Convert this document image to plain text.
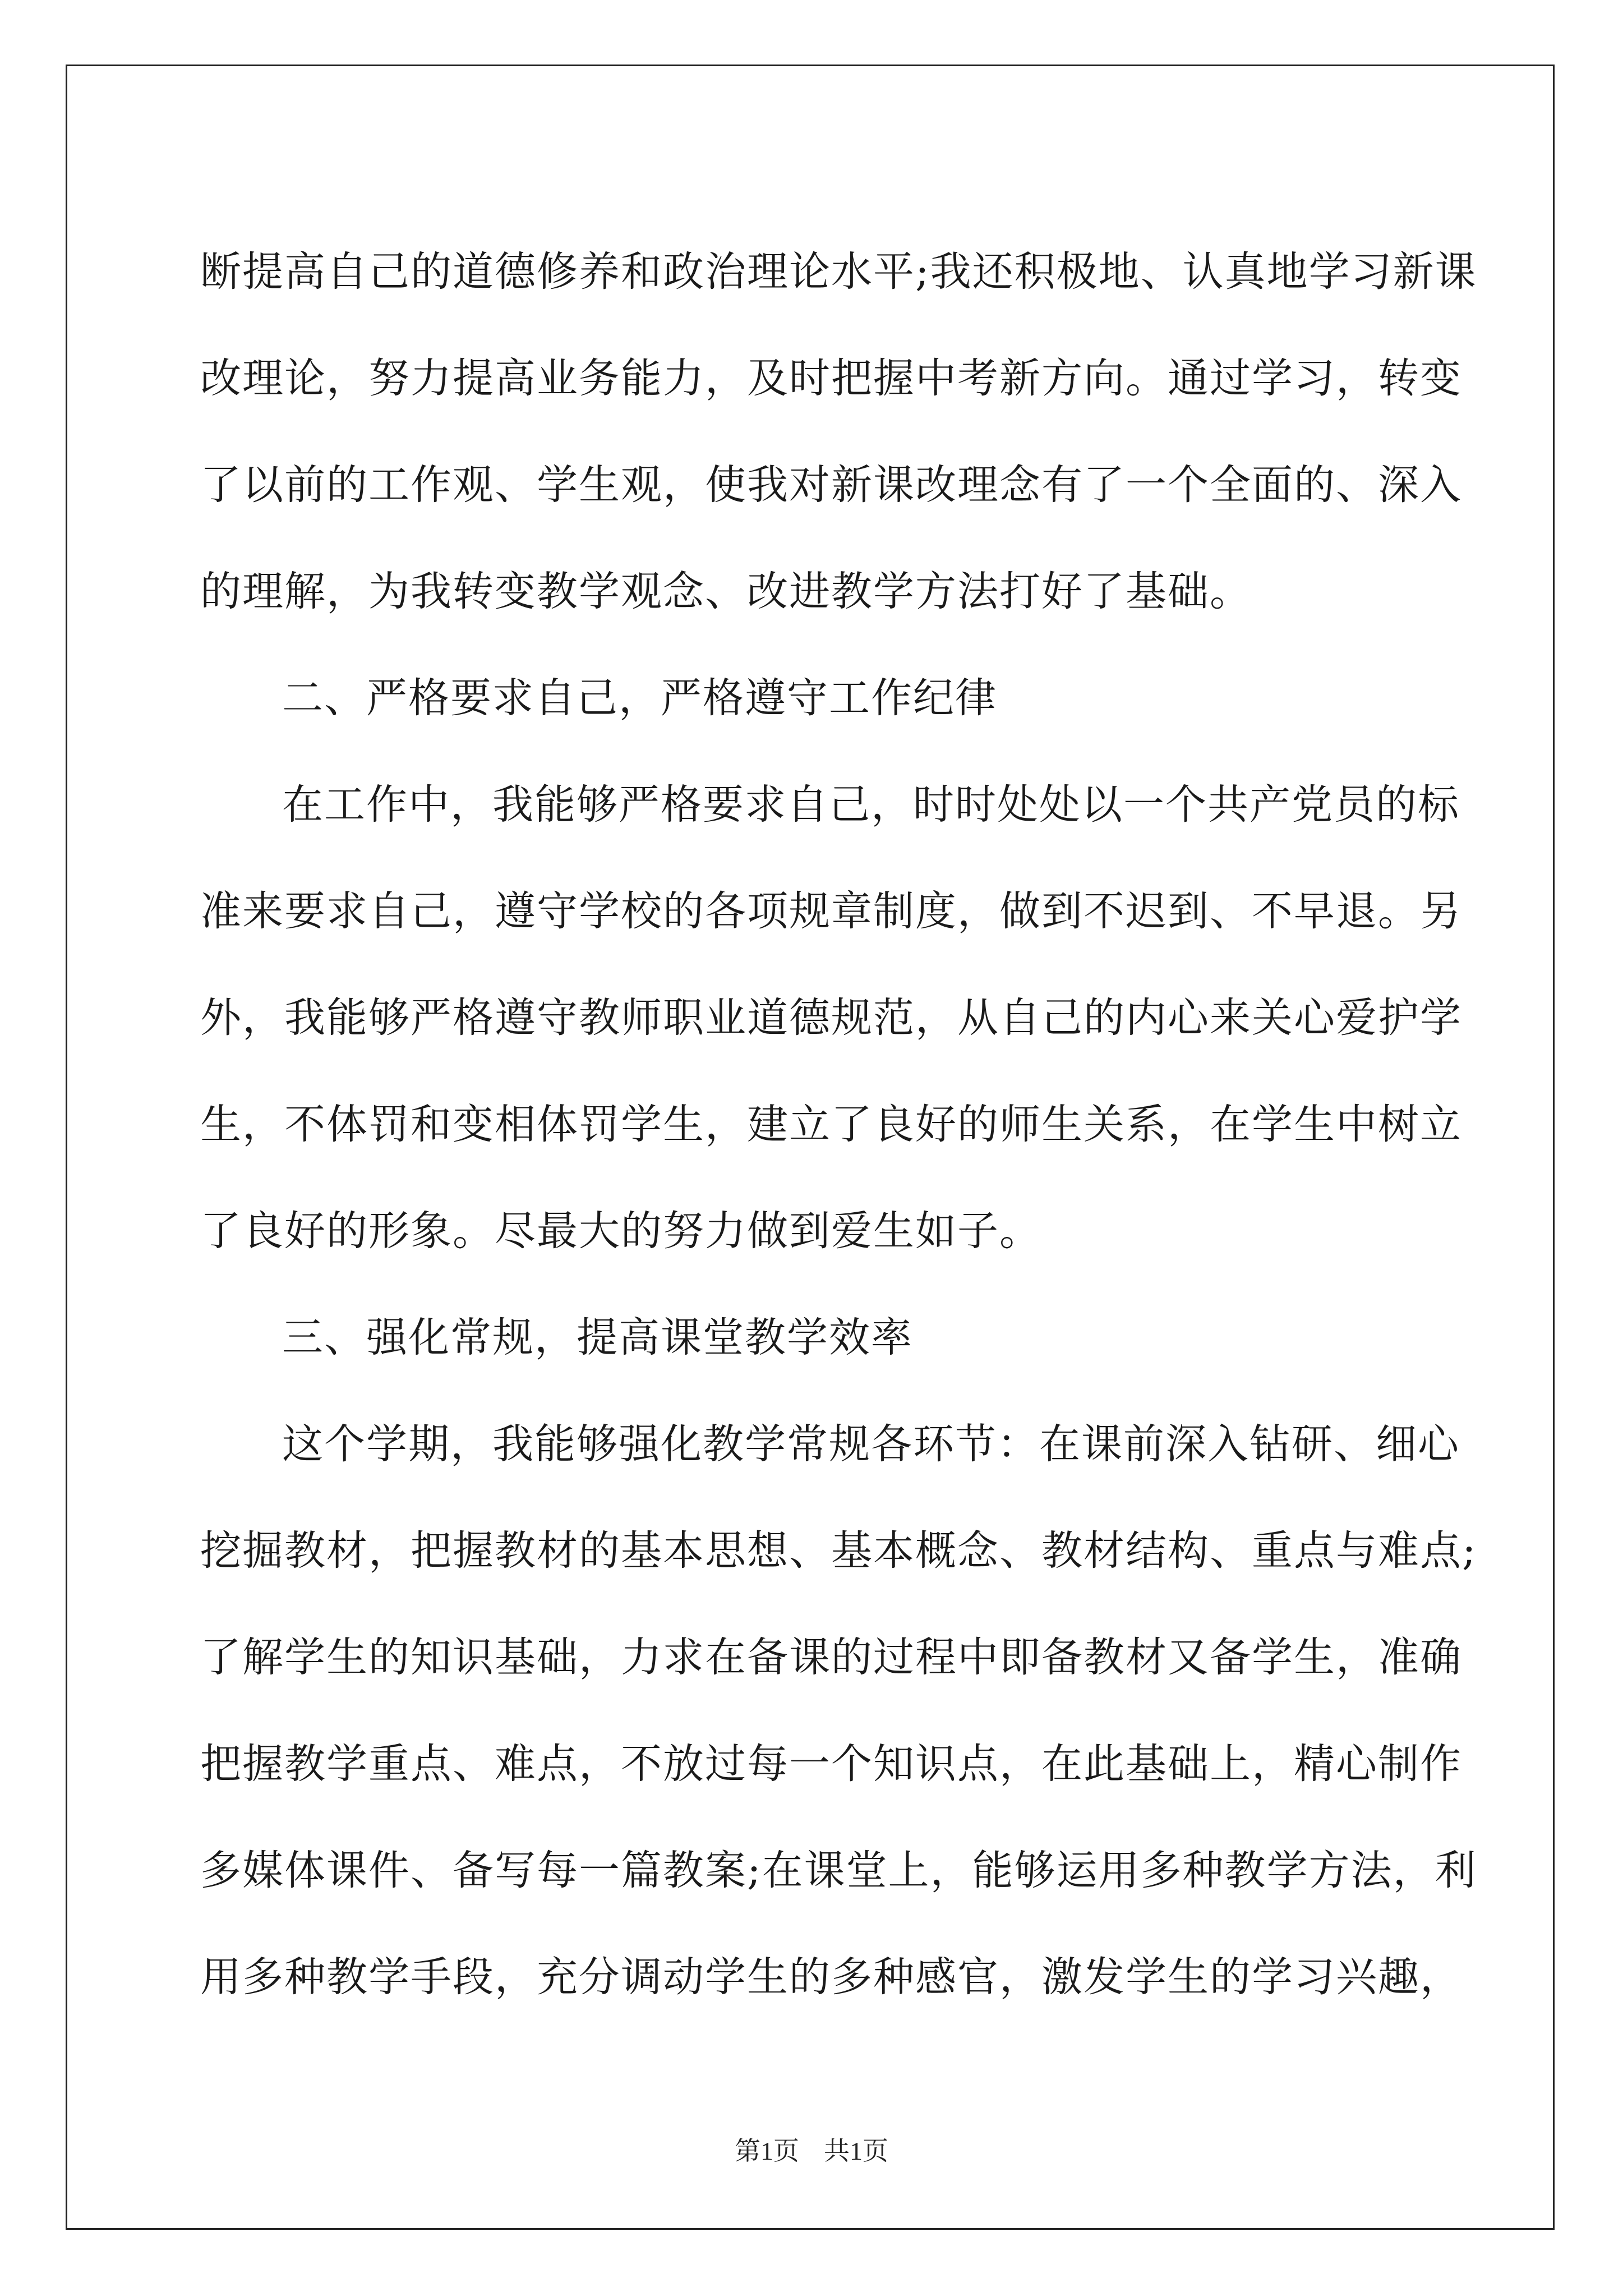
断提高自己的道德修养和政治理论水平;我还积极地、认真地学习新课

改理论，努力提高业务能力，及时把握中考新方向。通过学习，转变

了以前的工作观、学生观，使我对新课改理念有了一个全面的、深入

的理解，为我转变教学观念、改进教学方法打好了基础。

二、严格要求自己，严格遵守工作纪律

在工作中，我能够严格要求自己，时时处处以一个共产党员的标

准来要求自己，遵守学校的各项规章制度，做到不迟到、不早退。另

外，我能够严格遵守教师职业道德规范，从自己的内心来关心爱护学

生，不体罚和变相体罚学生，建立了良好的师生关系，在学生中树立

了良好的形象。尽最大的努力做到爱生如子。

三、强化常规，提高课堂教学效率

这个学期，我能够强化教学常规各环节：在课前深入钻研、细心

挖掘教材，把握教材的基本思想、基本概念、教材结构、重点与难点;

了解学生的知识基础，力求在备课的过程中即备教材又备学生，准确

把握教学重点、难点，不放过每一个知识点，在此基础上，精心制作

多媒体课件、备写每一篇教案;在课堂上，能够运用多种教学方法，利

用多种教学手段，充分调动学生的多种感官，激发学生的学习兴趣，

第1页 共1页
